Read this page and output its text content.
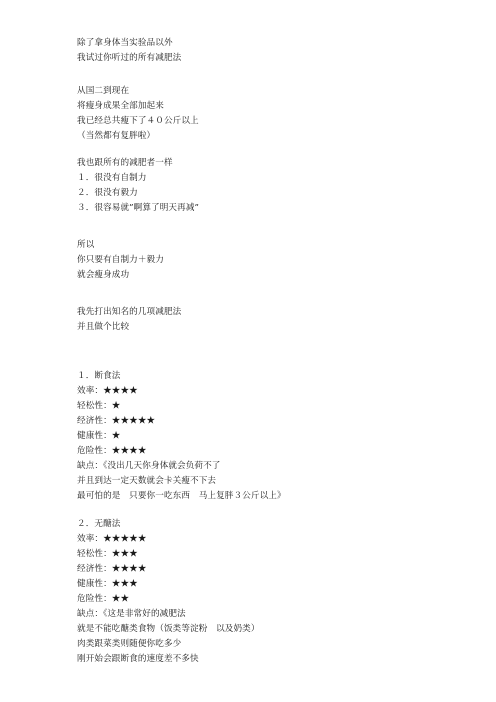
除了拿身体当实验品以外
我试过你听过的所有减肥法
从国二到现在
将瘦身成果全部加起来
我已经总共瘦下了４０公斤以上
（当然都有复胖啦）
我也跟所有的减肥者一样
１．很没有自制力
２．很没有毅力
３．很容易就”啊算了明天再减”
所以
你只要有自制力＋毅力
就会瘦身成功
我先打出知名的几项减肥法
并且做个比较
１．断食法
效率：★★★★
轻松性：★
经济性：★★★★★
健康性：★
危险性：★★★★
缺点：《没出几天你身体就会负荷不了
并且到达一定天数就会卡关瘦不下去
最可怕的是　只要你一吃东西　马上复胖３公斤以上》
２．无醣法
效率：★★★★★
轻松性：★★★
经济性：★★★★
健康性：★★★
危险性：★★
缺点：《这是非常好的减肥法
就是不能吃醣类食物（饭类等淀粉　以及奶类）
肉类跟菜类则随便你吃多少
刚开始会跟断食的速度差不多快
